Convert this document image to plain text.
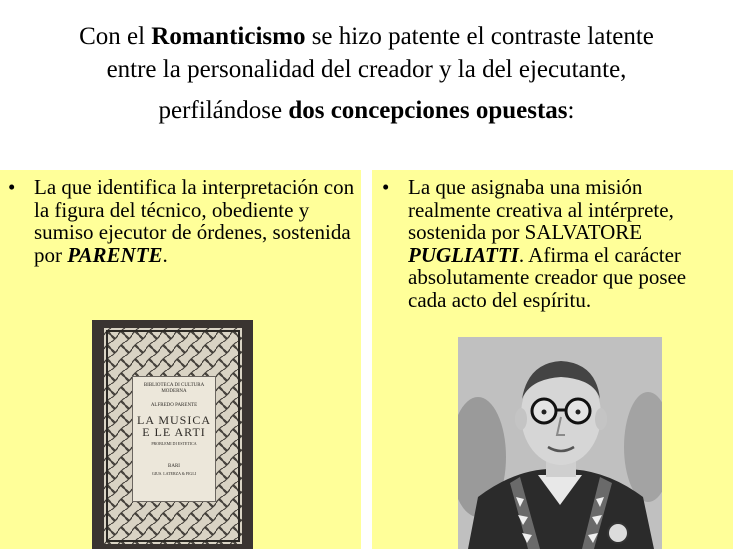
Con el Romanticismo se hizo patente el contraste latente
entre la personalidad del creador y la del ejecutante,
perfilándose dos concepciones opuestas:
• La que identifica la interpretación con la figura del técnico, obediente y sumiso ejecutor de órdenes, sostenida por PARENTE.
BIBLIOTECA DI CULTURA MODERNA
ALFREDO PARENTE
LA MUSICA
E LE ARTI
PROBLEMI DI ESTETICA
BARI
GIUS. LATERZA & FIGLI
• La que asignaba una misión realmente creativa al intérprete, sostenida por SALVATORE PUGLIATTI. Afirma el carácter absolutamente creador que posee cada acto del espíritu.
